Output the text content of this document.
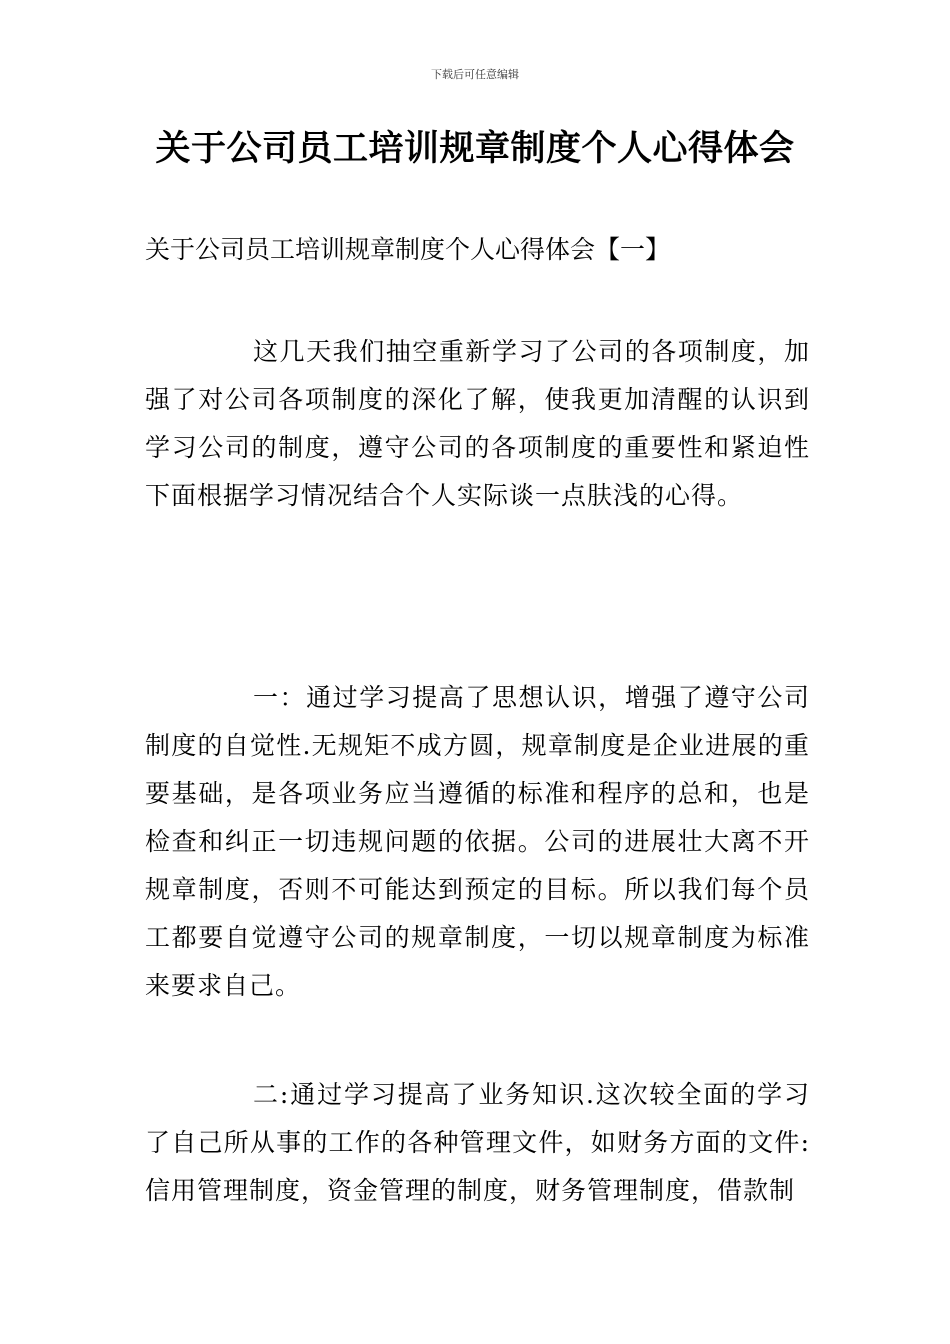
下载后可任意编辑
关于公司员工培训规章制度个人心得体会

关于公司员工培训规章制度个人心得体会【一】

这几天我们抽空重新学习了公司的各项制度，加强了对公司各项制度的深化了解，使我更加清醒的认识到学习公司的制度，遵守公司的各项制度的重要性和紧迫性下面根据学习情况结合个人实际谈一点肤浅的心得。

一：通过学习提高了思想认识，增强了遵守公司制度的自觉性.无规矩不成方圆，规章制度是企业进展的重要基础，是各项业务应当遵循的标准和程序的总和，也是检查和纠正一切违规问题的依据。公司的进展壮大离不开规章制度，否则不可能达到预定的目标。所以我们每个员工都要自觉遵守公司的规章制度，一切以规章制度为标准来要求自己。

二:通过学习提高了业务知识.这次较全面的学习了自己所从事的工作的各种管理文件，如财务方面的文件:信用管理制度，资金管理的制度，财务管理制度，借款制
